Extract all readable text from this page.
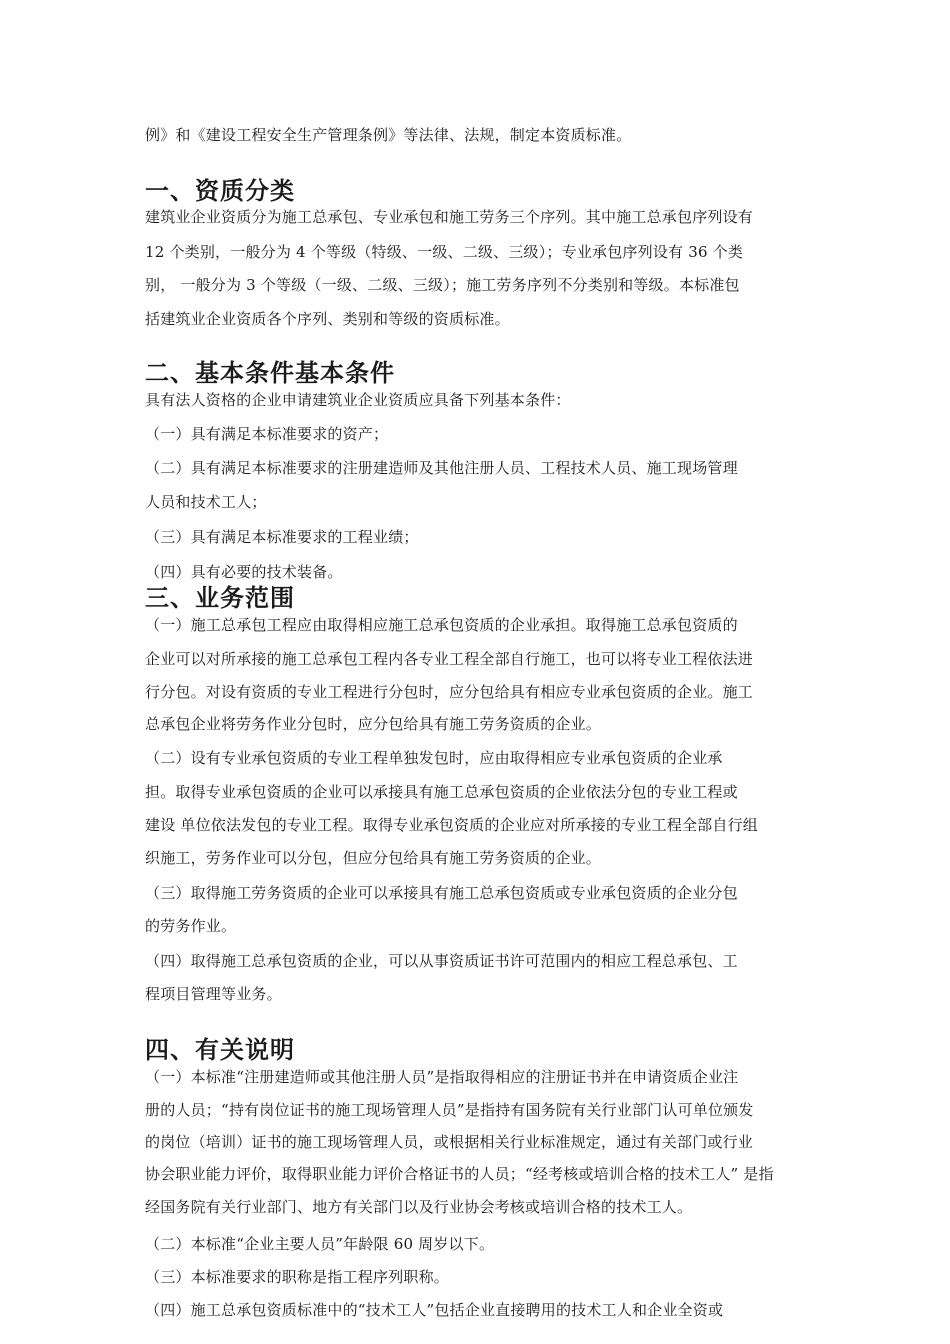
例》和《建设工程安全生产管理条例》等法律、法规，制定本资质标准。

一、资质分类

建筑业企业资质分为施工总承包、专业承包和施工劳务三个序列。其中施工总承包序列设有

12 个类别，一般分为 4 个等级（特级、一级、二级、三级）；专业承包序列设有 36 个类

别， 一般分为 3 个等级（一级、二级、三级）；施工劳务序列不分类别和等级。本标准包

括建筑业企业资质各个序列、类别和等级的资质标准。

二、基本条件基本条件

具有法人资格的企业申请建筑业企业资质应具备下列基本条件：

（一）具有满足本标准要求的资产；

（二）具有满足本标准要求的注册建造师及其他注册人员、工程技术人员、施工现场管理

人员和技术工人；

（三）具有满足本标准要求的工程业绩；

（四）具有必要的技术装备。

三、业务范围

（一）施工总承包工程应由取得相应施工总承包资质的企业承担。取得施工总承包资质的

企业可以对所承接的施工总承包工程内各专业工程全部自行施工，也可以将专业工程依法进

行分包。对设有资质的专业工程进行分包时，应分包给具有相应专业承包资质的企业。施工

总承包企业将劳务作业分包时，应分包给具有施工劳务资质的企业。

（二）设有专业承包资质的专业工程单独发包时，应由取得相应专业承包资质的企业承

担。取得专业承包资质的企业可以承接具有施工总承包资质的企业依法分包的专业工程或

建设 单位依法发包的专业工程。取得专业承包资质的企业应对所承接的专业工程全部自行组

织施工，劳务作业可以分包，但应分包给具有施工劳务资质的企业。

（三）取得施工劳务资质的企业可以承接具有施工总承包资质或专业承包资质的企业分包

的劳务作业。

（四）取得施工总承包资质的企业，可以从事资质证书许可范围内的相应工程总承包、工

程项目管理等业务。

四、有关说明

（一）本标准“注册建造师或其他注册人员”是指取得相应的注册证书并在申请资质企业注

册的人员；“持有岗位证书的施工现场管理人员”是指持有国务院有关行业部门认可单位颁发

的岗位（培训）证书的施工现场管理人员，或根据相关行业标准规定，通过有关部门或行业

协会职业能力评价，取得职业能力评价合格证书的人员；“经考核或培训合格的技术工人” 是指

经国务院有关行业部门、地方有关部门以及行业协会考核或培训合格的技术工人。

（二）本标准“企业主要人员”年龄限 60 周岁以下。

（三）本标准要求的职称是指工程序列职称。

（四）施工总承包资质标准中的“技术工人”包括企业直接聘用的技术工人和企业全资或
